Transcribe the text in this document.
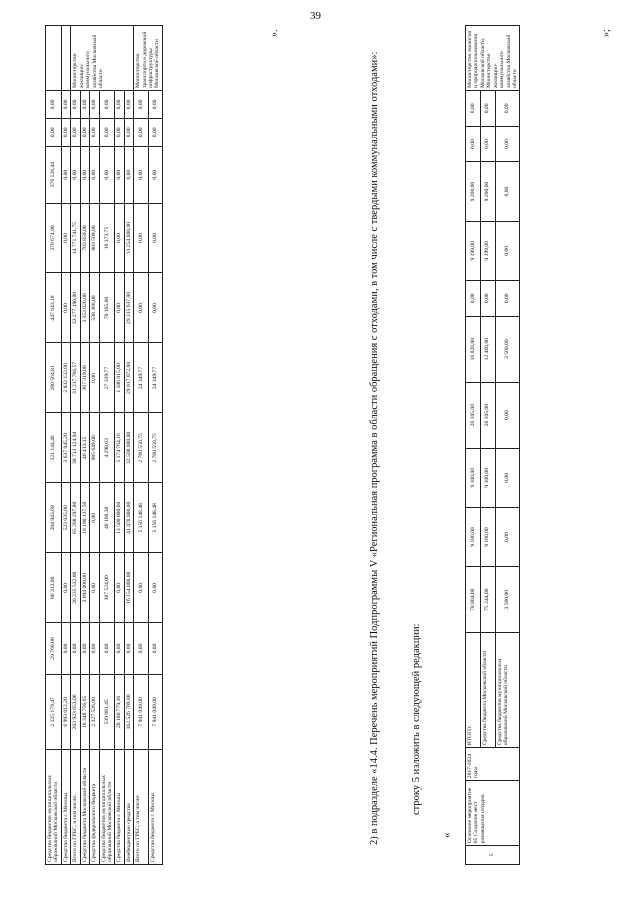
39
Средства бюджетов муниципальных образований Московской области	2 125 179,47	29 768,00	86 313,00	204 943,68	321 144,46	280 564,81	447 643,18	378 674,90	376 128,44	0,00	0,00	
Средства бюджета г. Москвы	6 993 012,20	0,00	0,00	523 035,00	3 637 845,20	2 832 132,00	0,00	0,00	0,00	0,00	0,00	
Всего по ГРБС, в том числе:	203 923 653,06	0,00	20 235 532,00	65 208 297,80	38 713 124,94	31 217 766,57	33 277 190,00	14 771 741,75	0,00	0,00	0,00	Министерство жилищно-коммунального хозяйства Московской области
Средства бюджета Московской области	18 348 756,65	0,00	3 694 008,00	10 190 137,50	40 413,15	367 319,00	3 353 020,00	703 859,00	0,00	0,00	0,00	
Средства федерального бюджета	2 327 526,00	0,00	0,00	0,00	985 649,00	0,00	538 368,00	803 509,00	0,00	0,00	0,00	
Средства бюджетов муниципальных образований Московской области	539 881,45	0,00	387 524,00	40 160,30	4 298,63	27 339,77	70 165,00	10 373,75	0,00	0,00	0,00	
Средства бюджета г. Москвы	20 180 779,16	0,00	0,00	13 500 000,00	5 174 764,16	1 506 015,00	0,00	0,00	0,00	0,00	0,00	
Внебюджетные средства	162 526 709,80	0,00	16 154 000,00	41 478 000,00	32 508 000,00	29 817 072,80	29 315 637,00	13 254 000,00	0,00	0,00	0,00	
Всего по ГРБС, в том числе:	7 941 049,00	0,00	0,00	5 156 148,48	2 760 550,75	24 349,77	0,00	0,00	0,00	0,00	0,00	Министерство транспорта и дорожной инфраструктуры Московской области
Средства бюджета г. Москвы	7 941 049,00	0,00	0,00	5 156 148,48	2 760 550,75	24 349,77	0,00	0,00	0,00	0,00	0,00	
».
2) в подразделе «14.4. Перечень мероприятий Подпрограммы V «Региональная программа в области обращения с отходами, в том числе с твердыми коммунальными отходами»:	строку 5 изложить в следующей редакции:
«
5	Основное мероприятие 05 Создание мест размещения отходов	2017-2024 годы	ИТОГО:	78 804,00	9 180,00	9 100,00	26 105,00	16 020,00	0,00	9 199,00	9 200,00	0,00	0,00	Министерство экологии и природопользования Московской области, Министерство жилищно-коммунального хозяйства Московской области
			Средства бюджета Московской области	75 244,00	9 180,00	9 100,00	26 105,00	12 460,00	0,00	9 199,00	9 200,00	0,00	0,00	
			Средства бюджетов муниципальных образований Московской области	3 560,00	0,00	0,00	0,00	3 560,00	0,00	0,00	0,00	0,00	0,00	
»;
